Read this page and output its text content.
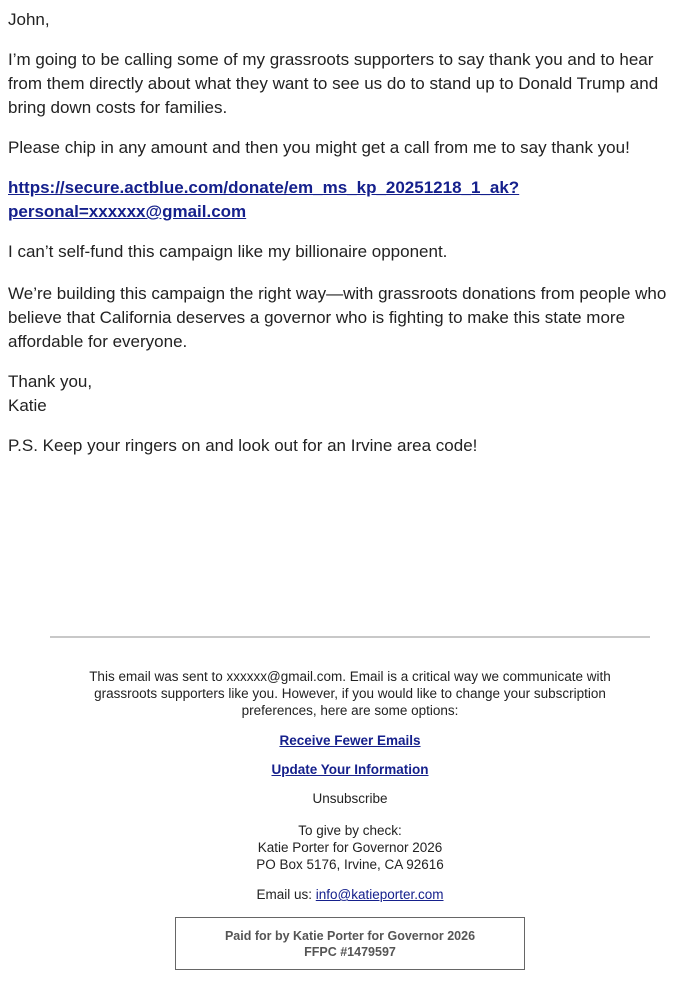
John,

I’m going to be calling some of my grassroots supporters to say thank you and to hear from them directly about what they want to see us do to stand up to Donald Trump and bring down costs for families.

Please chip in any amount and then you might get a call from me to say thank you!

https://secure.actblue.com/donate/em_ms_kp_20251218_1_ak?
personal=xxxxxx@gmail.com

I can’t self-fund this campaign like my billionaire opponent.

We’re building this campaign the right way—with grassroots donations from people who believe that California deserves a governor who is fighting to make this state more affordable for everyone.

Thank you,
Katie

P.S. Keep your ringers on and look out for an Irvine area code!

This email was sent to xxxxxx@gmail.com. Email is a critical way we communicate with grassroots supporters like you. However, if you would like to change your subscription preferences, here are some options:

Receive Fewer Emails

Update Your Information

Unsubscribe

To give by check:
Katie Porter for Governor 2026
PO Box 5176, Irvine, CA 92616

Email us: info@katieporter.com

Paid for by Katie Porter for Governor 2026
FFPC #1479597
